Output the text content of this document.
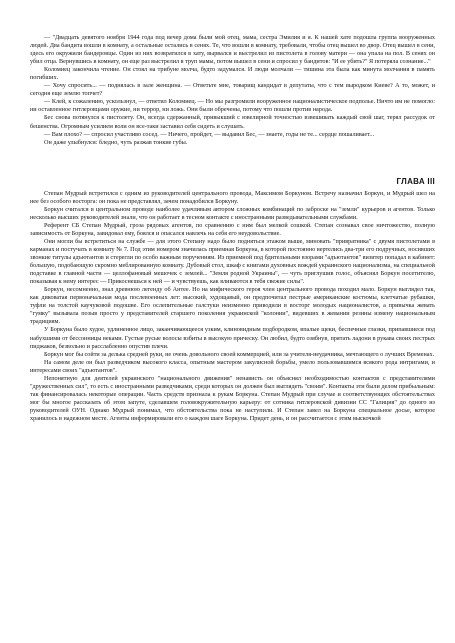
— "Двадцать девятого ноября 1944 года под вечер дома были мой отец, мама, сестра Эмилия и я. К нашей хате подошла группа вооруженных людей. Два бандита вошли в комнату, а остальные остались в сенях. Те, что вошли в комнату, требовали, чтобы отец вышел во двор. Отец вышел в сени, здесь его окружили бандеровцы. Один из них возвратился в хату, вырвался и выстрелил из пистолета в голову матери — она упала на пол. В сенях он убил отца. Вернувшись в комнату, он еще раз выстрелил в труп мамы, потом вышел в сени и спросил у бандитов: "И ее убить?" Я потеряла сознание..."

Коломиец закончила чтение. Он стоял на трибуне молча, будто задумался. И люди молчали — тишина эта была как минута молчания в память погибших.

— Хочу спросить... — поднялась в зале женщина. — Ответьте мне, товарищ кандидат в депутаты, что с тем выродком Киеве? А то, может, и сегодня еще землю топчет?

— Клей, к сожалению, ускользнул, — ответил Коломиец. — Но мы разгромили вооруженное националистическое подполье. Ничто им не помогло: ни оставленное гитлеровцами оружие, ни террор, ни ложь. Они были обречены, потому что пошли против народа.

Бес снова потянулся к пистолету. Он, всегда сдержанный, привыкший с ювелирной точностью взвешивать каждый свой шаг, терял рассудок от бешенства. Огромным усилием воли он все-таки заставил себя сидеть и слушать.

— Вам плохо? — спросил участливо сосед. — Ничего, пройдет, — выдавил Бес, — знаете, годы не те... сердце пошаливает...

Он даже улыбнулся: бледно, чуть разжав тонкие губы.

ГЛАВА III

Степан Мудрый встретился с одним из руководителей центрального провода, Максимом Боркуном. Встречу назначил Боркун, и Мудрый шел на нее без особого восторга: он пока не представлял, зачем понадобился Боркуну.

Боркун считался в центральном проводе наиболее удачливым автором сложных комбинаций по заброске на "земли" курьеров и агентов. Только несколько высших руководителей знали, что он работает в тесном контакте с иностранными разведывательными службами.

Референт СБ Степан Мудрый, гроза рядовых агентов, по сравнению с ним был мелкой сошкой. Степан сознавал свое ничтожество, полную зависимость от Боркуна, завидовал ему, боялся и опасался навлечь на себя его неудовольствие.

Они могли бы встретиться на службе — для этого Степану надо было подняться этажом выше, миновать "привратника" с двумя пистолетами в карманах и постучать в комнату № 7. Под этим номером значилась приемная Боркуна, в которой постоянно вертелись два-три его подручных, носивших звонкие титулы адъютантов и стерегли по особо важным поручениям. Из приемной под бдительными взорами "адъютантов" визитер попадал в кабинет: большую, подобающую скромно меблированную комнату. Дубовый стол, шкаф с книгами духовных вождей украинского национализма, на специальной подставке в главной части — целлофановый мешочек с землей... "Земля родной Украины", — чуть приглушив голос, объяснял Боркун посетителю, показывая к нему интерес — Прикоснешься к ней — и чувствуешь, как вливаются в тебя свежие силы".

Боркун, несомненно, знал древнюю легенду об Антее. Но на мифического героя член центрального провода походил мало. Боркун выглядел так, как диковатая первоначальная мода послевоенных лет: высокий, худощавый, он предпочитал пестрые американские костюмы, клетчатые рубашки, туфли на толстой каучуковой подошве. Его ослепительные галстуки неизменно приводили в восторг молодых националистов, а привычка жевать "гумку" вызывала позыв просто у представителей старшего поколения украинской "колонии", видевших в жевании резины измену национальным традициям.

У Боркуна было худое, удлиненное лицо, заканчивающееся узким, клиновидным подбородком, впалые щеки, беспечные глазки, припавшиеся под набухшими от бессонницы веками. Густые русые волосы взбиты в высокую прическу. Он любил, будто озябнув, прятать ладони в рукава своих пестрых пиджаков, безвольно и расслабленно опустив плечи.

Боркун мог бы сойти за делька средней руки, не очень довольного своей коммерцией, или за учителя-неудачника, мечтающего о лучших Временах.

На самом деле он был разведчиком высокого класса, опытным мастером закулисной борьбы, умело пользовавшимся всякого рода интригами, и интересами своих "адъютантов".

Непонятную для деятелей украинского "национального движения" ненависть он объяснял необходимостью контактов с представителями "дружественных сил", то есть с иностранными разведчиками, среди которых он должен был выглядеть "своим". Контакты эти были делом прибыльным: так финансировалась некоторые операции. Часть средств признала к рукам Боркуна. Степан Мудрый при случае и соответствующих обстоятельствах мог бы многое рассказать об этом запуте, сделавшем головокружительную карьеру: от сотника гитлеровской дивизии СС "Галиция" до одного из руководителей ОУН. Однако Мудрый понимал, что обстоятельства пока не наступили. И Степан завел на Боркуна специальное досье, которое хранилось в надежном месте. Агенты информировали его о каждом шаге Боркуна. Придет день, и он рассчитается с этим выскочкой
